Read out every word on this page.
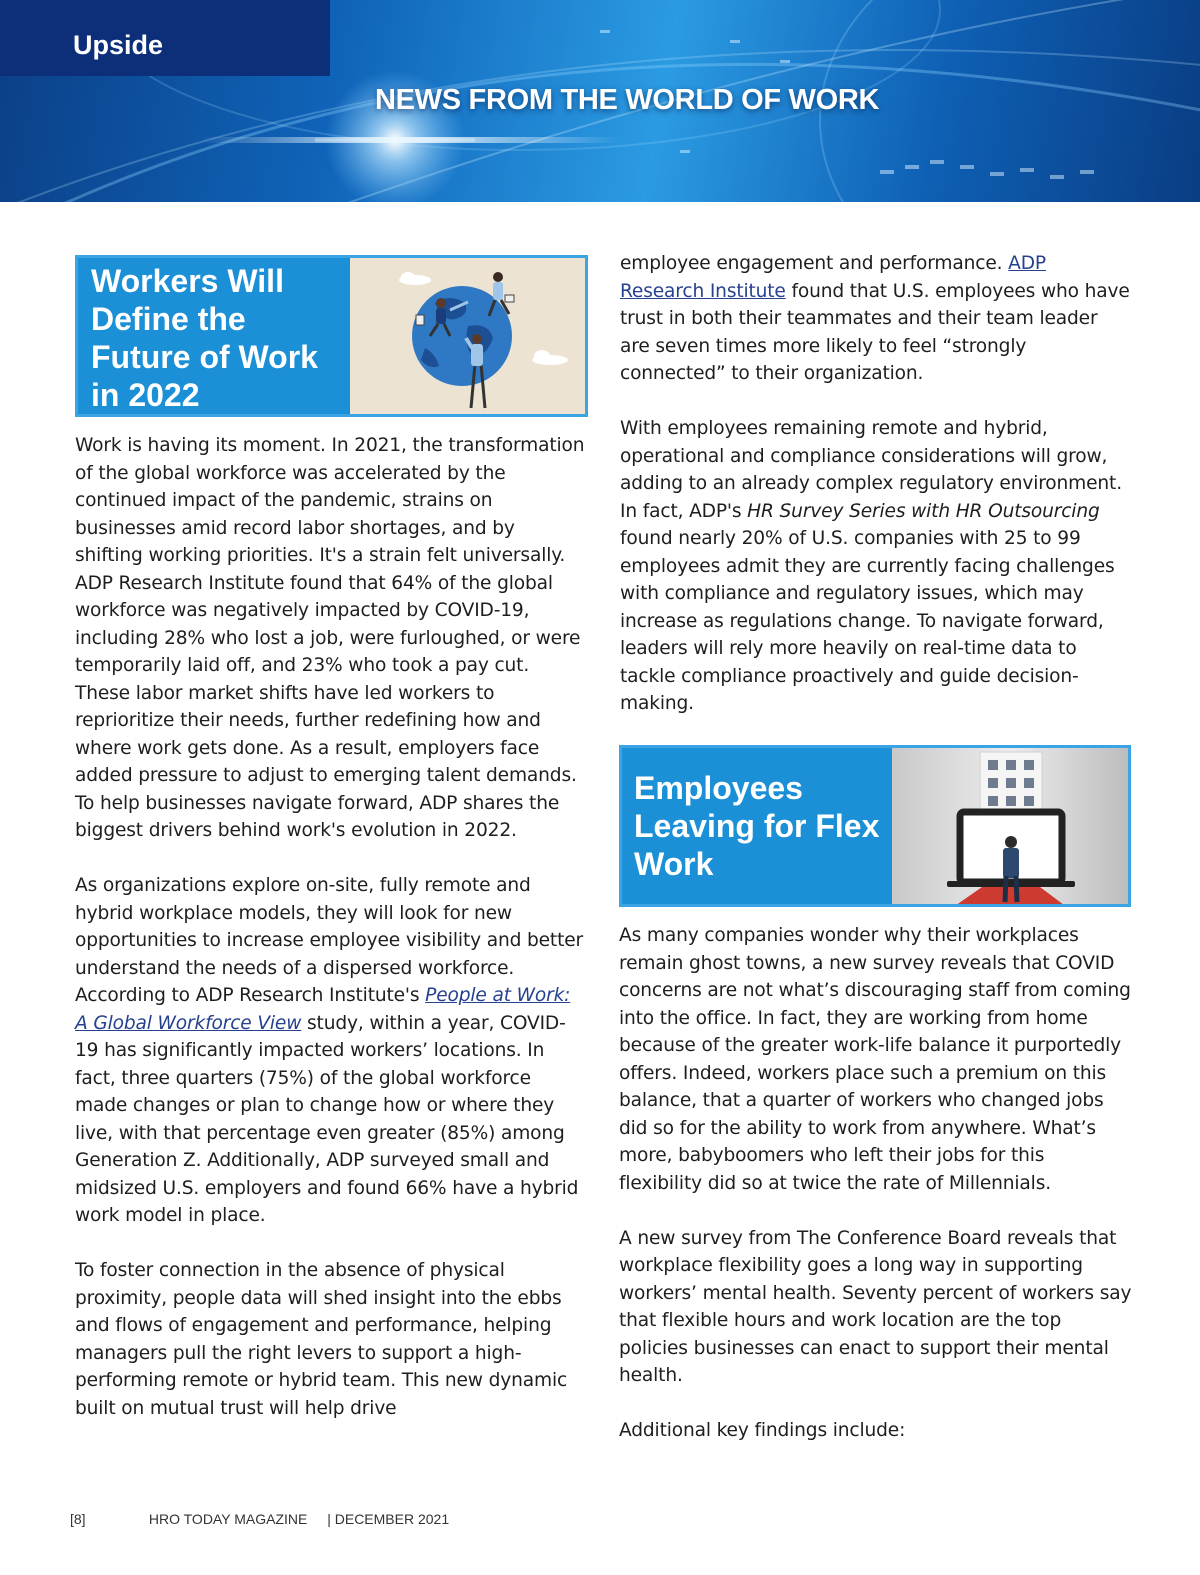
Upside
NEWS FROM THE WORLD OF WORK
Workers Will
Define the
Future of Work
in 2022
Employees
Leaving for Flex
Work

Work is having its moment. In 2021, the transformation of the global workforce was accelerated by the continued impact of the pandemic, strains on businesses amid record labor shortages, and by shifting working priorities. It's a strain felt universally. ADP Research Institute found that 64% of the global workforce was negatively impacted by COVID-19, including 28% who lost a job, were furloughed, or were temporarily laid off, and 23% who took a pay cut. These labor market shifts have led workers to reprioritize their needs, further redefining how and where work gets done. As a result, employers face added pressure to adjust to emerging talent demands. To help businesses navigate forward, ADP shares the biggest drivers behind work's evolution in 2022.

As organizations explore on-site, fully remote and hybrid workplace models, they will look for new opportunities to increase employee visibility and better understand the needs of a dispersed workforce. According to ADP Research Institute's People at Work: A Global Workforce View study, within a year, COVID-19 has significantly impacted workers’ locations. In fact, three quarters (75%) of the global workforce made changes or plan to change how or where they live, with that percentage even greater (85%) among Generation Z. Additionally, ADP surveyed small and midsized U.S. employers and found 66% have a hybrid work model in place.

To foster connection in the absence of physical proximity, people data will shed insight into the ebbs and flows of engagement and performance, helping managers pull the right levers to support a high-performing remote or hybrid team. This new dynamic built on mutual trust will help drive

employee engagement and performance. ADP Research Institute found that U.S. employees who have trust in both their teammates and their team leader are seven times more likely to feel “strongly connected” to their organization.

With employees remaining remote and hybrid, operational and compliance considerations will grow, adding to an already complex regulatory environment. In fact, ADP's HR Survey Series with HR Outsourcing found nearly 20% of U.S. companies with 25 to 99 employees admit they are currently facing challenges with compliance and regulatory issues, which may increase as regulations change. To navigate forward, leaders will rely more heavily on real-time data to tackle compliance proactively and guide decision-making.

As many companies wonder why their workplaces remain ghost towns, a new survey reveals that COVID concerns are not what’s discouraging staff from coming into the office. In fact, they are working from home because of the greater work-life balance it purportedly offers. Indeed, workers place such a premium on this balance, that a quarter of workers who changed jobs did so for the ability to work from anywhere. What’s more, babyboomers who left their jobs for this flexibility did so at twice the rate of Millennials.

A new survey from The Conference Board reveals that workplace flexibility goes a long way in supporting workers’ mental health. Seventy percent of workers say that flexible hours and work location are the top policies businesses can enact to support their mental health.

Additional key findings include:

[8]	HRO TODAY MAGAZINE | DECEMBER 2021
